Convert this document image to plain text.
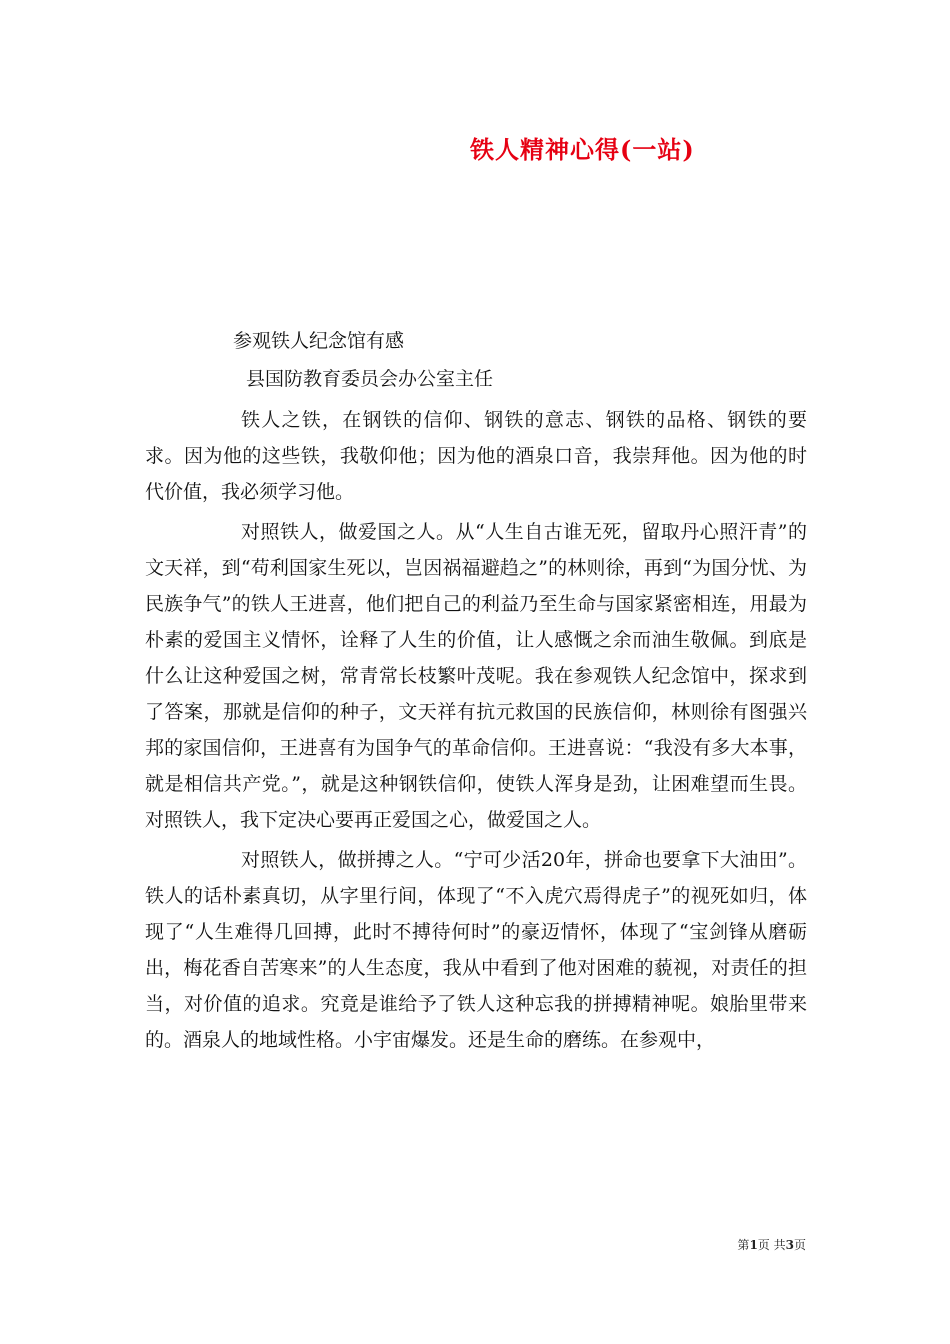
铁人精神心得(一站)
参观铁人纪念馆有感
县国防教育委员会办公室主任

铁人之铁，在钢铁的信仰、钢铁的意志、钢铁的品格、钢铁的要求。因为他的这些铁，我敬仰他；因为他的酒泉口音，我崇拜他。因为他的时代价值，我必须学习他。

对照铁人，做爱国之人。从“人生自古谁无死，留取丹心照汗青”的文天祥，到“苟利国家生死以，岂因祸福避趋之”的林则徐，再到“为国分忧、为民族争气”的铁人王进喜，他们把自己的利益乃至生命与国家紧密相连，用最为朴素的爱国主义情怀，诠释了人生的价值，让人感慨之余而油生敬佩。到底是什么让这种爱国之树，常青常长枝繁叶茂呢。我在参观铁人纪念馆中，探求到了答案，那就是信仰的种子，文天祥有抗元救国的民族信仰，林则徐有图强兴邦的家国信仰，王进喜有为国争气的革命信仰。王进喜说：“我没有多大本事，就是相信共产党。”，就是这种钢铁信仰，使铁人浑身是劲，让困难望而生畏。对照铁人，我下定决心要再正爱国之心，做爱国之人。

对照铁人，做拼搏之人。“宁可少活20年，拼命也要拿下大油田”。铁人的话朴素真切，从字里行间，体现了“不入虎穴焉得虎子”的视死如归，体现了“人生难得几回搏，此时不搏待何时”的豪迈情怀，体现了“宝剑锋从磨砺出，梅花香自苦寒来”的人生态度，我从中看到了他对困难的藐视，对责任的担当，对价值的追求。究竟是谁给予了铁人这种忘我的拼搏精神呢。娘胎里带来的。酒泉人的地域性格。小宇宙爆发。还是生命的磨练。在参观中，

第1页 共3页
